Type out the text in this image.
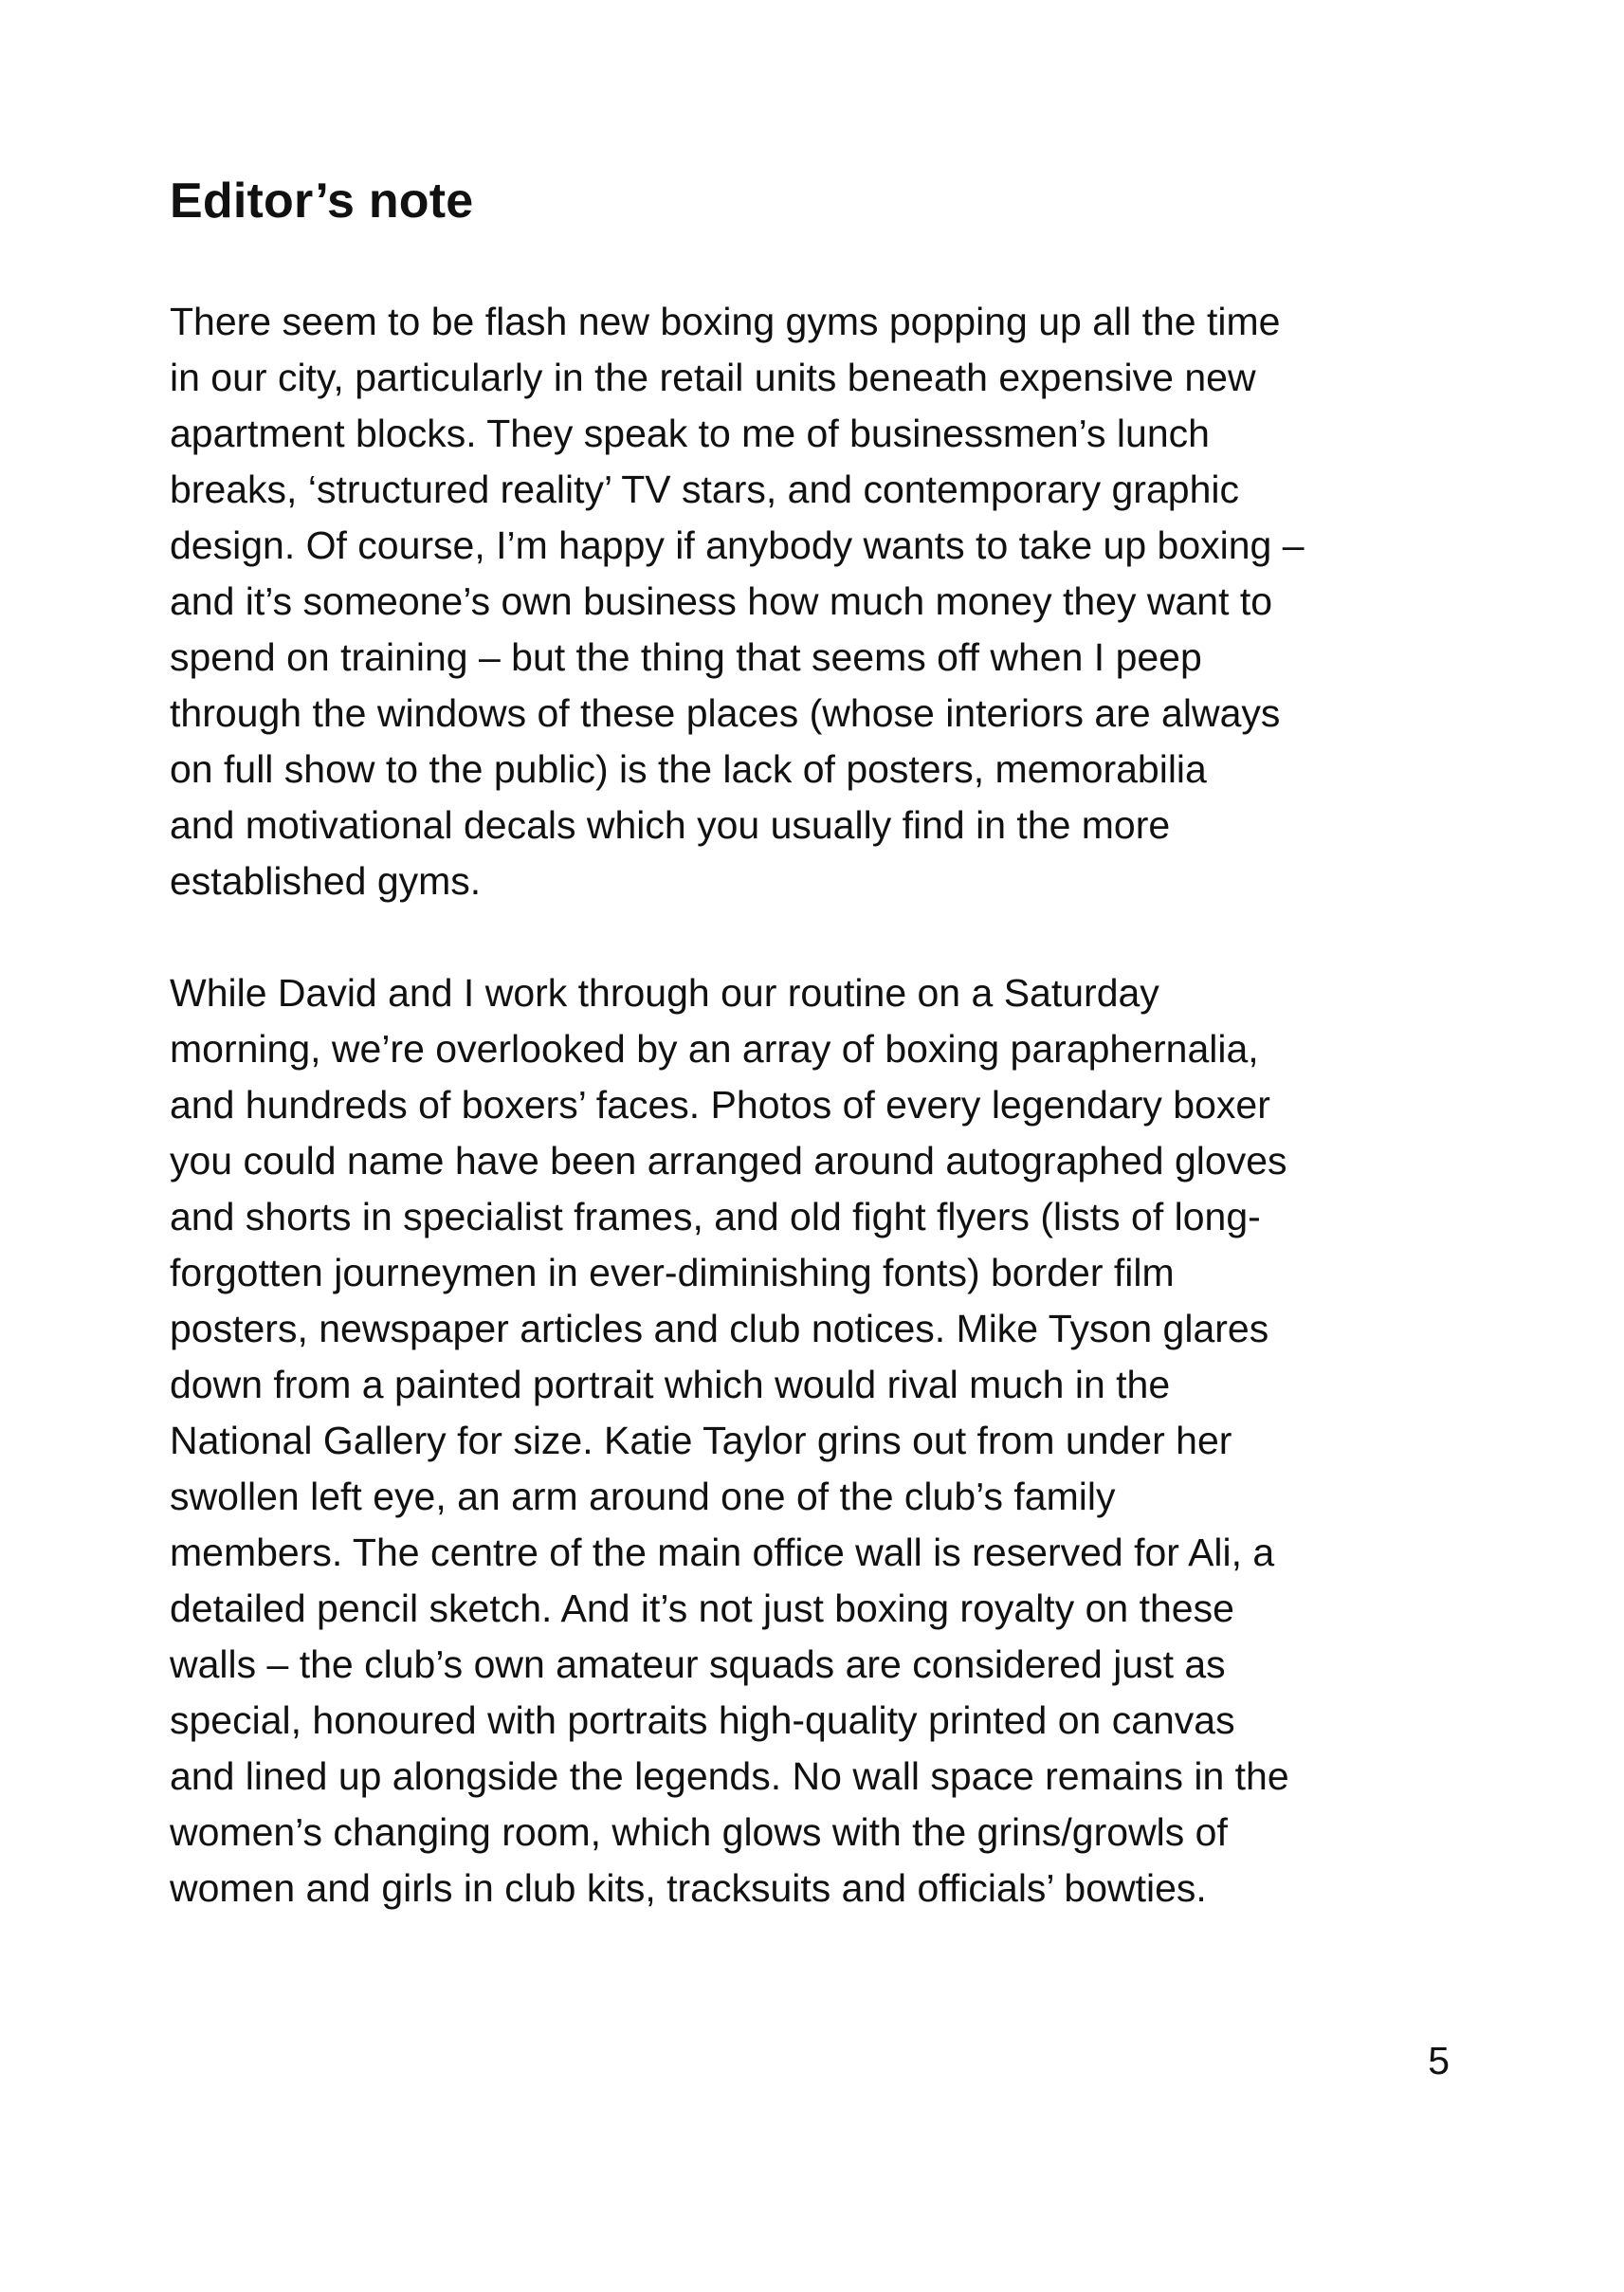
Editor’s note

There seem to be flash new boxing gyms popping up all the time
in our city, particularly in the retail units beneath expensive new
apartment blocks. They speak to me of businessmen’s lunch
breaks, ‘structured reality’ TV stars, and contemporary graphic
design. Of course, I’m happy if anybody wants to take up boxing –
and it’s someone’s own business how much money they want to
spend on training – but the thing that seems off when I peep
through the windows of these places (whose interiors are always
on full show to the public) is the lack of posters, memorabilia
and motivational decals which you usually find in the more
established gyms.

While David and I work through our routine on a Saturday
morning, we’re overlooked by an array of boxing paraphernalia,
and hundreds of boxers’ faces. Photos of every legendary boxer
you could name have been arranged around autographed gloves
and shorts in specialist frames, and old fight flyers (lists of long-
forgotten journeymen in ever-diminishing fonts) border film
posters, newspaper articles and club notices. Mike Tyson glares
down from a painted portrait which would rival much in the
National Gallery for size. Katie Taylor grins out from under her
swollen left eye, an arm around one of the club’s family
members. The centre of the main office wall is reserved for Ali, a
detailed pencil sketch. And it’s not just boxing royalty on these
walls – the club’s own amateur squads are considered just as
special, honoured with portraits high-quality printed on canvas
and lined up alongside the legends. No wall space remains in the
women’s changing room, which glows with the grins/growls of
women and girls in club kits, tracksuits and officials’ bowties.

5
